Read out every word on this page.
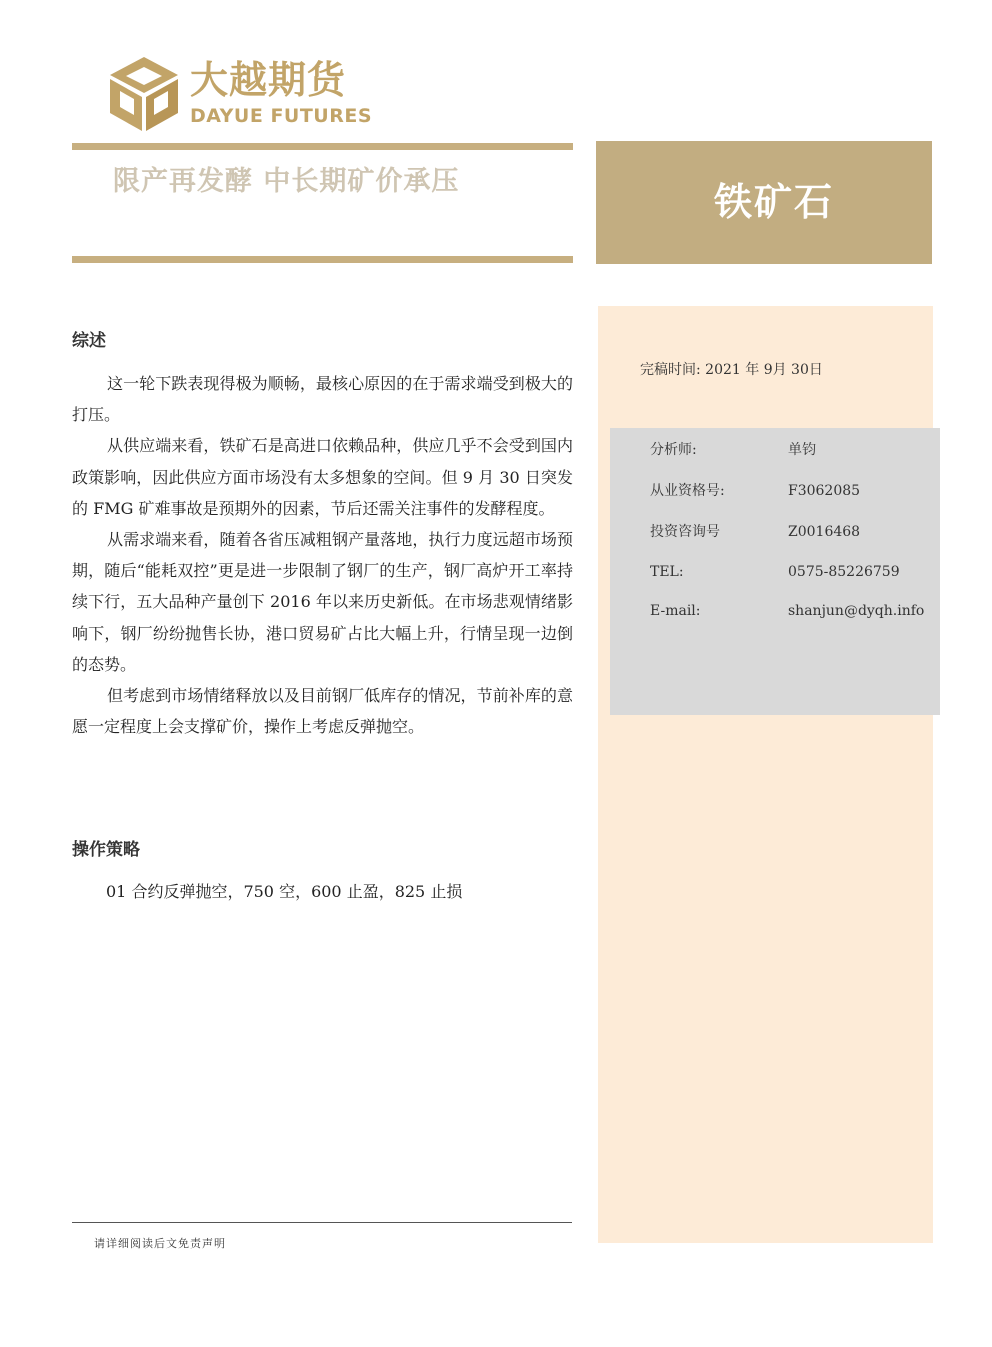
大越期货
DAYUE FUTURES
限产再发酵 中长期矿价承压	铁矿石
完稿时间: 2021 年 9月 30日
分析师:	单钧
从业资格号:	F3062085
投资咨询号	Z0016468
TEL:	0575-85226759
E-mail:	shanjun@dyqh.info
综述

这一轮下跌表现得极为顺畅，最核心原因的在于需求端受到极大的打压。

从供应端来看，铁矿石是高进口依赖品种，供应几乎不会受到国内政策影响，因此供应方面市场没有太多想象的空间。但 9 月 30 日突发的 FMG 矿难事故是预期外的因素，节后还需关注事件的发酵程度。

从需求端来看，随着各省压减粗钢产量落地，执行力度远超市场预期，随后“能耗双控”更是进一步限制了钢厂的生产，钢厂高炉开工率持续下行，五大品种产量创下 2016 年以来历史新低。在市场悲观情绪影响下，钢厂纷纷抛售长协，港口贸易矿占比大幅上升，行情呈现一边倒的态势。

但考虑到市场情绪释放以及目前钢厂低库存的情况，节前补库的意愿一定程度上会支撑矿价，操作上考虑反弹抛空。

操作策略
01 合约反弹抛空，750 空，600 止盈，825 止损
请详细阅读后文免责声明
